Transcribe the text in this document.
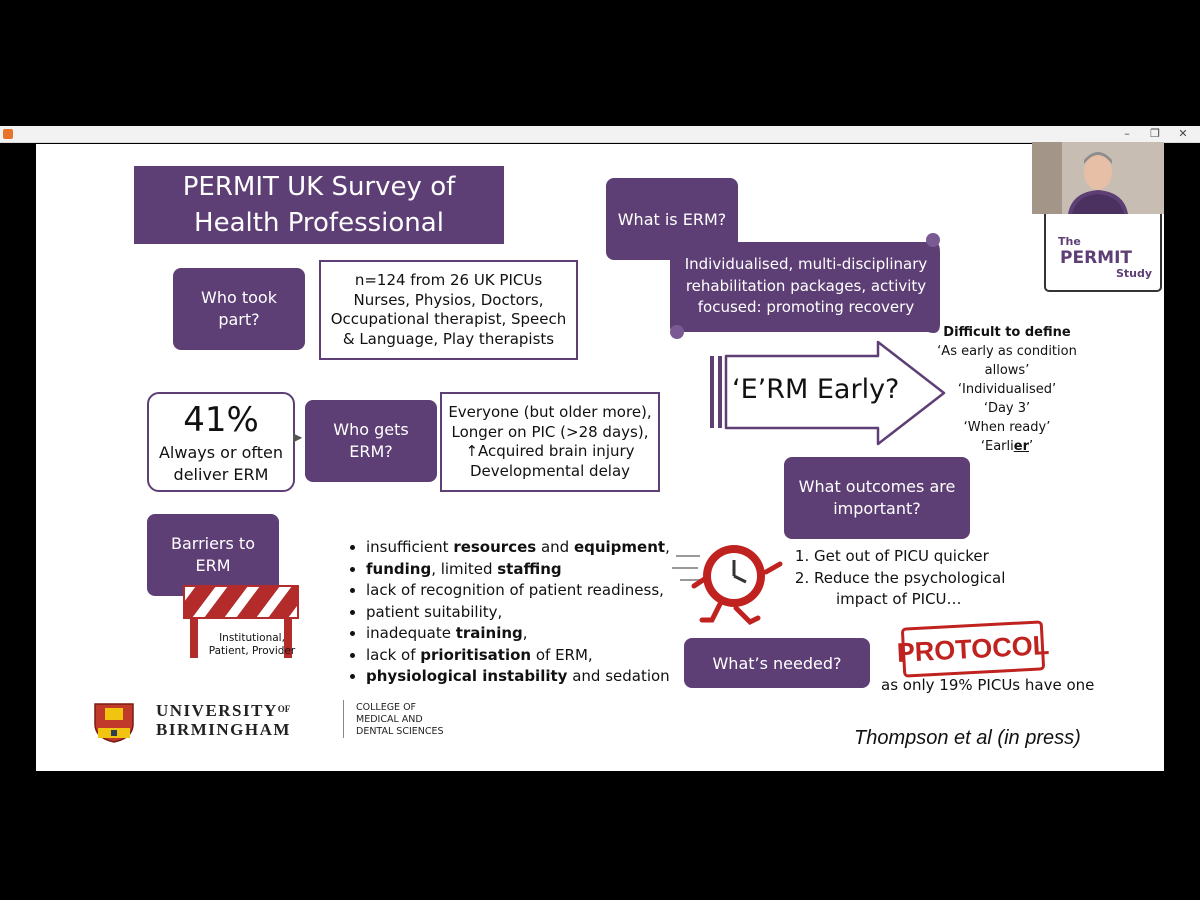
–	❐	✕
PERMIT UK Survey of
Health Professional
Who took
part?
n=124 from 26 UK PICUs
Nurses, Physios, Doctors,
Occupational therapist, Speech
& Language, Play therapists
41%
Always or often
deliver ERM
▶ Who gets
ERM?
Everyone (but older more),
Longer on PIC (>28 days),
↑Acquired brain injury
Developmental delay
Barriers to
ERM
Institutional,
Patient, Provider
• insufficient resources and equipment,
• funding, limited staffing
• lack of recognition of patient readiness,
• patient suitability,
• inadequate training,
• lack of prioritisation of ERM,
• physiological instability and sedation
What is ERM?
Individualised, multi-disciplinary
rehabilitation packages, activity
focused: promoting recovery
‘E’RM Early?
Difficult to define
‘As early as condition
allows’
‘Individualised’
‘Day 3’
‘When ready’
‘Earlier’
What outcomes are
important?
1. Get out of PICU quicker
2. Reduce the psychological
impact of PICU…
What’s needed? PROTOCOL
as only 19% PICUs have one
$UNIVERSITY^{OF}$
BIRMINGHAM
COLLEGE OF
MEDICAL AND
DENTAL SCIENCES	Thompson et al (in press)
The
PERMIT
Study
